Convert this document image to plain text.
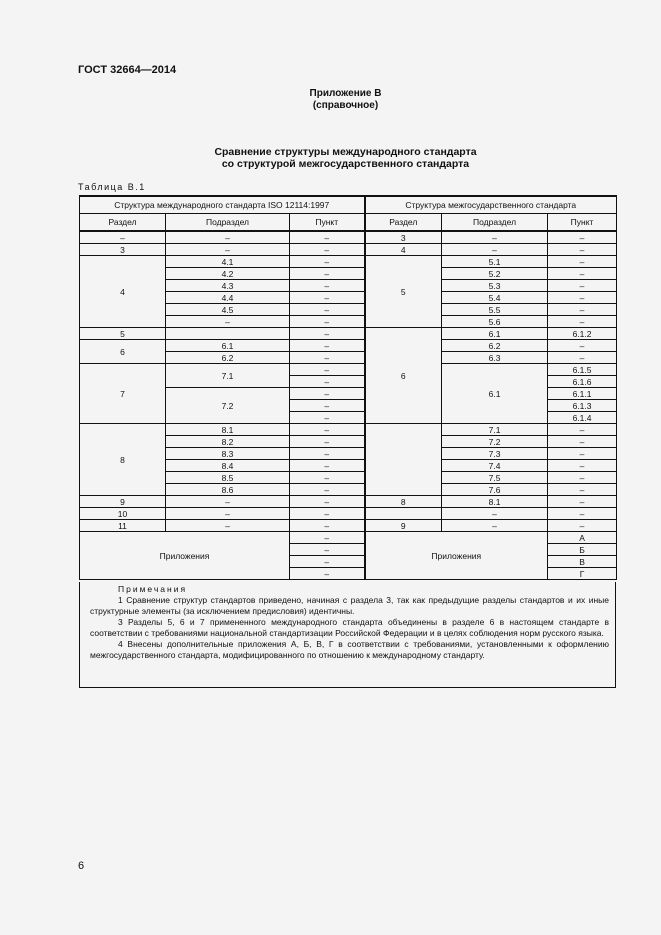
ГОСТ 32664—2014
Приложение В
(справочное)
Сравнение структуры международного стандарта
со структурой межгосударственного стандарта
Таблица В.1
Структура международного стандарта ISO 12114:1997			Структура межгосударственного стандарта		
Раздел	Подраздел	Пункт	Раздел	Подраздел	Пункт
–	–	–	3	–	–
3	–	–	4	–	–
4	4.1	–	5	5.1	–
	4.2	–		5.2	–
	4.3	–		5.3	–
	4.4	–		5.4	–
	4.5	–		5.5	–
	–	–		5.6	–
5		–	6	6.1	6.1.2
6	6.1	–		6.2	–
	6.2	–		6.3	–
7	7.1	–		6.1	6.1.5
		–			6.1.6
	7.2	–			6.1.1
		–			6.1.3
		–			6.1.4
8	8.1	–		7.1	–
	8.2	–		7.2	–
	8.3	–		7.3	–
	8.4	–		7.4	–
	8.5	–		7.5	–
	8.6	–		7.6	–
9	–	–	8	8.1	–
10	–	–		–	–
11	–	–	9	–	–
Приложения		–	Приложения		А
		–			Б
		–			В
		–			Г
Примечания

1 Сравнение структур стандартов приведено, начиная с раздела 3, так как предыдущие разделы стандартов и их иные структурные элементы (за исключением предисловия) идентичны.

3 Разделы 5, 6 и 7 примененного международного стандарта объединены в разделе 6 в настоящем стандарте в соответствии с требованиями национальной стандартизации Российской Федерации и в целях соблюдения норм русского языка.

4 Внесены дополнительные приложения А, Б, В, Г в соответствии с требованиями, установленными к оформлению межгосударственного стандарта, модифицированного по отношению к международному стандарту.

6
